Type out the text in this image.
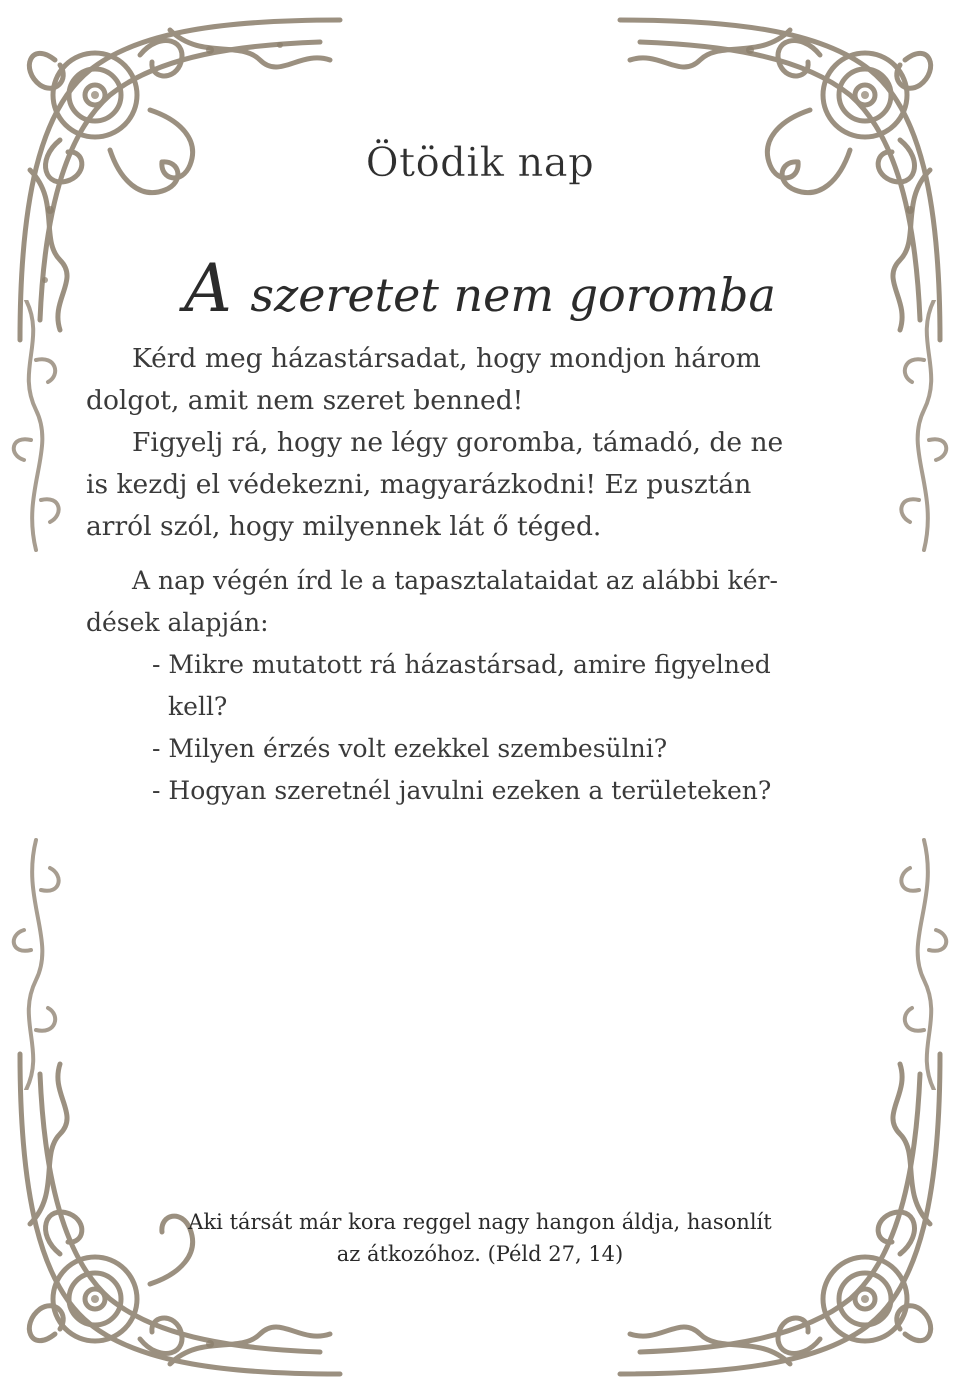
Ötödik nap
A szeretet nem goromba
Kérd meg házastársadat, hogy mondjon három
dolgot, amit nem szeret benned!
Figyelj rá, hogy ne légy goromba, támadó, de ne
is kezdj el védekezni, magyarázkodni! Ez pusztán
arról szól, hogy milyennek lát ő téged.
A nap végén írd le a tapasztalataidat az alábbi kér-
dések alapján:
- Mikre mutatott rá házastársad, amire figyelned
kell?
- Milyen érzés volt ezekkel szembesülni?
- Hogyan szeretnél javulni ezeken a területeken?
Aki társát már kora reggel nagy hangon áldja, hasonlít
az átkozóhoz. (Péld 27, 14)
